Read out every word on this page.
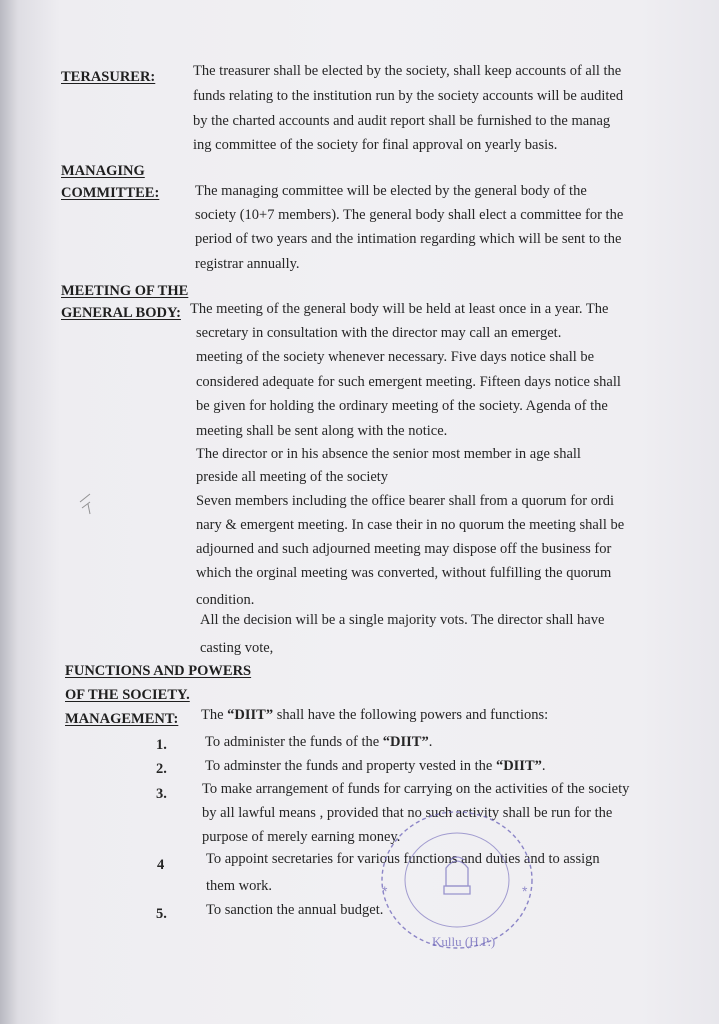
TERASURER:	The treasurer shall be elected by the society, shall keep accounts of all the
funds relating to the institution run by the society accounts will be audited
by the charted accounts and audit report shall be furnished to the manag
ing committee of the society for final approval on yearly basis.
MANAGING
COMMITTEE: The managing committee will be elected by the general body of the
society (10+7 members). The general body shall elect a committee for the
period of two years and the intimation regarding which will be sent to the
registrar annually.
MEETING OF THE
GENERAL BODY: The meeting of the general body will be held at least once in a year. The
secretary in consultation with the director may call an emerget.
meeting of the society whenever necessary. Five days notice shall be
considered adequate for such emergent meeting. Fifteen days notice shall
be given for holding the ordinary meeting of the society. Agenda of the
meeting shall be sent along with the notice.
The director or in his absence the senior most member in age shall
preside all meeting of the society
Seven members including the office bearer shall from a quorum for ordi
nary & emergent meeting. In case their in no quorum the meeting shall be
adjourned and such adjourned meeting may dispose off the business for
which the orginal meeting was converted, without fulfilling the quorum
condition.
All the decision will be a single majority vots. The director shall have
casting vote,
FUNCTIONS AND POWERS
OF THE SOCIETY.
MANAGEMENT: The “DIIT” shall have the following powers and functions:
1.	To administer the funds of the “DIIT”.
2.	To adminster the funds and property vested in the “DIIT”.
3. To make arrangement of funds for carrying on the activities of the society
by all lawful means , provided that no such activity shall be run for the
purpose of merely earning money.
4	To appoint secretaries for various functions and duties and to assign
them work.
5.	To sanction the annual budget.
*	*
Kullu (H.P.)
